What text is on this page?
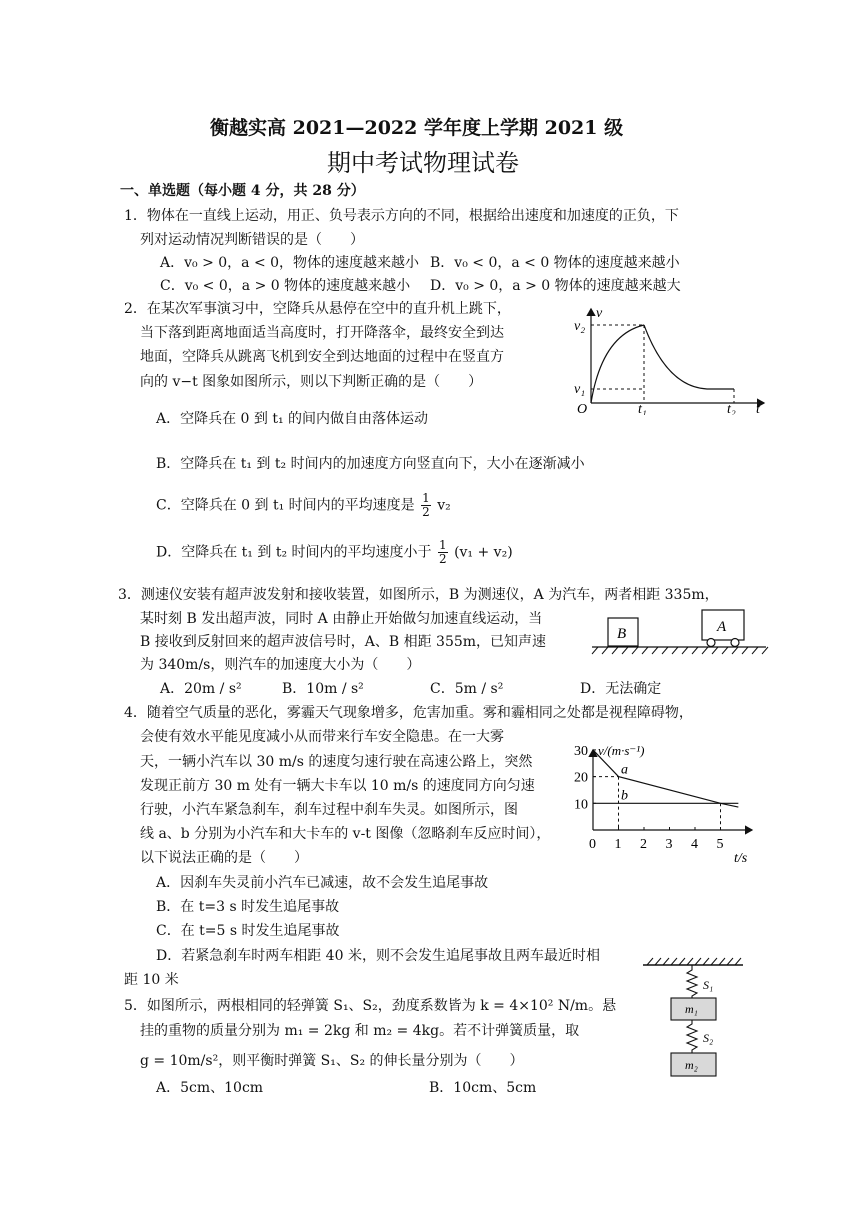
衡越实高 2021—2022 学年度上学期 2021 级
期中考试物理试卷
一、单选题（每小题 4 分，共 28 分）
1．物体在一直线上运动，用正、负号表示方向的不同，根据给出速度和加速度的正负，下
列对运动情况判断错误的是（　　）
A．v₀ > 0，a < 0，物体的速度越来越小 B．v₀ < 0，a < 0 物体的速度越来越小
C．v₀ < 0，a > 0 物体的速度越来越小 D．v₀ > 0，a > 0 物体的速度越来越大
2．在某次军事演习中，空降兵从悬停在空中的直升机上跳下，
当下落到距离地面适当高度时，打开降落伞，最终安全到达
地面，空降兵从跳离飞机到安全到达地面的过程中在竖直方
向的 v−t 图象如图所示，则以下判断正确的是（　　）
A．空降兵在 0 到 t₁ 的间内做自由落体运动
B．空降兵在 t₁ 到 t₂ 时间内的加速度方向竖直向下，大小在逐渐减小
C．空降兵在 0 到 t₁ 时间内的平均速度是 $\frac{1}{2} v_2$
D．空降兵在 t₁ 到 t₂ 时间内的平均速度小于 $\frac{1}{2} (v_1 + v_2)$
v
v₂
v₁
O	t₁	t₂ t
3．测速仪安装有超声波发射和接收装置，如图所示，B 为测速仪，A 为汽车，两者相距 335m，
某时刻 B 发出超声波，同时 A 由静止开始做匀加速直线运动，当
B 接收到反射回来的超声波信号时，A、B 相距 355m，已知声速
为 340m/s，则汽车的加速度大小为（　　）
A．20m / s²	B．10m / s²	C．5m / s²	D．无法确定
B	A
4．随着空气质量的恶化，雾霾天气现象增多，危害加重。雾和霾相同之处都是视程障碍物，
会使有效水平能见度减小从而带来行车安全隐患。在一大雾
天，一辆小汽车以 30 m/s 的速度匀速行驶在高速公路上，突然
发现正前方 30 m 处有一辆大卡车以 10 m/s 的速度同方向匀速
行驶，小汽车紧急刹车，刹车过程中刹车失灵。如图所示，图
线 a、b 分别为小汽车和大卡车的 v-t 图像（忽略刹车反应时间），
以下说法正确的是（　　）
A．因刹车失灵前小汽车已减速，故不会发生追尾事故
B．在 t=3 s 时发生追尾事故
C．在 t=5 s 时发生追尾事故
D．若紧急刹车时两车相距 40 米，则不会发生追尾事故且两车最近时相
距 10 米
v/(m·s⁻¹)
t/s
30
20
10
0 1 2 3 4 5
a
b
5．如图所示，两根相同的轻弹簧 S₁、S₂，劲度系数皆为 k = 4×10² N/m。悬
挂的重物的质量分别为 m₁ = 2kg 和 m₂ = 4kg。若不计弹簧质量，取
g = 10m/s²，则平衡时弹簧 S₁、S₂ 的伸长量分别为（　　）
A．5cm、10cm	B．10cm、5cm
S₁
m₁
S₂
m₂
